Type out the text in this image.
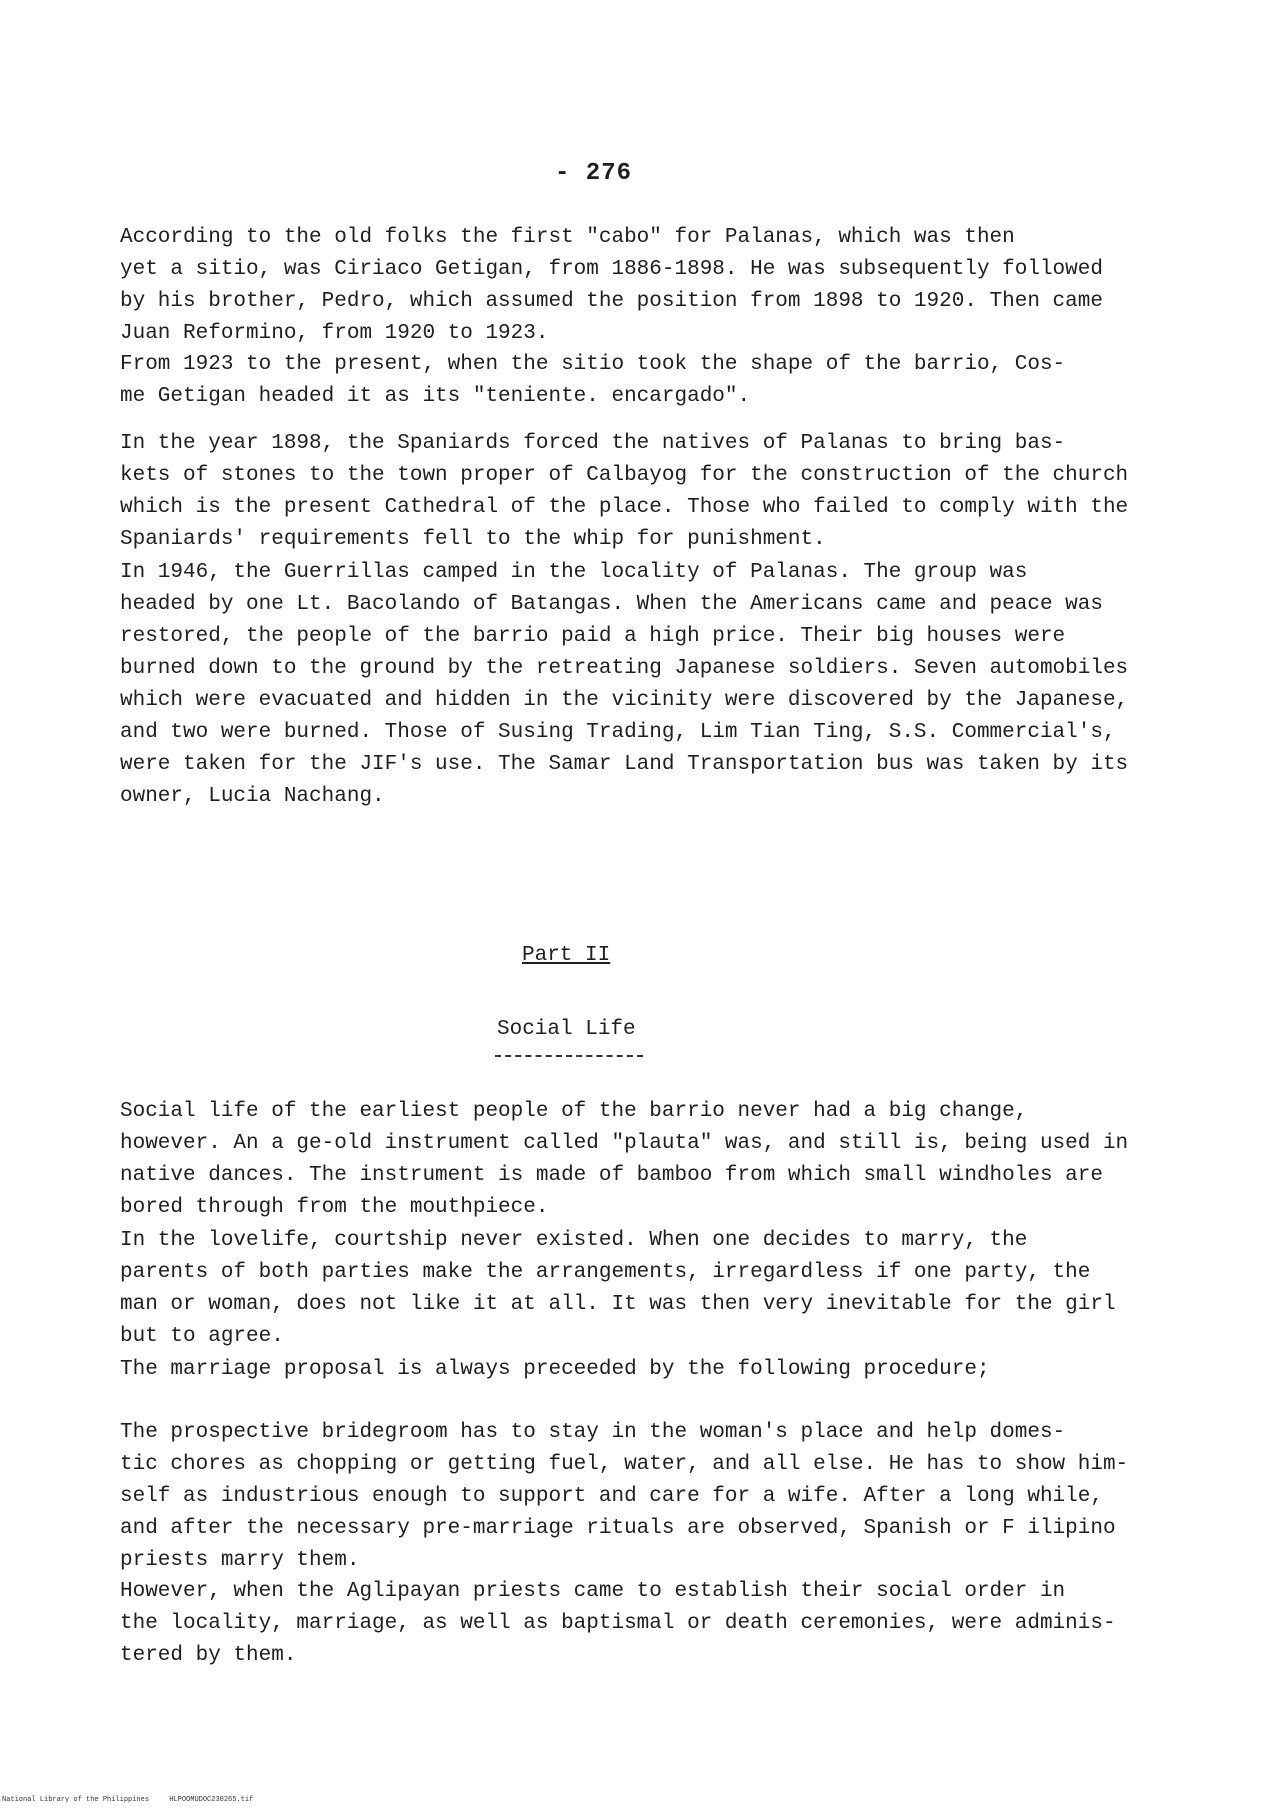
- 276
According to the old folks the first "cabo" for Palanas, which was then
yet a sitio, was Ciriaco Getigan, from 1886-1898. He was subsequently followed
by his brother, Pedro, which assumed the position from 1898 to 1920. Then came
Juan Reformino, from 1920 to 1923.
From 1923 to the present, when the sitio took the shape of the barrio, Cos-
me Getigan headed it as its "teniente. encargado".
In the year 1898, the Spaniards forced the natives of Palanas to bring bas-
kets of stones to the town proper of Calbayog for the construction of the church
which is the present Cathedral of the place. Those who failed to comply with the
Spaniards' requirements fell to the whip for punishment.
In 1946, the Guerrillas camped in the locality of Palanas. The group was
headed by one Lt. Bacolando of Batangas. When the Americans came and peace was
restored, the people of the barrio paid a high price. Their big houses were
burned down to the ground by the retreating Japanese soldiers. Seven automobiles
which were evacuated and hidden in the vicinity were discovered by the Japanese,
and two were burned. Those of Susing Trading, Lim Tian Ting, S.S. Commercial's,
were taken for the JIF's use. The Samar Land Transportation bus was taken by its
owner, Lucia Nachang.
Part II
Social Life
Social life of the earliest people of the barrio never had a big change,
however. An a ge-old instrument called "plauta" was, and still is, being used in
native dances. The instrument is made of bamboo from which small windholes are
bored through from the mouthpiece.
In the lovelife, courtship never existed. When one decides to marry, the
parents of both parties make the arrangements, irregardless if one party, the
man or woman, does not like it at all. It was then very inevitable for the girl
but to agree.
The marriage proposal is always preceeded by the following procedure;
The prospective bridegroom has to stay in the woman's place and help domes-
tic chores as chopping or getting fuel, water, and all else. He has to show him-
self as industrious enough to support and care for a wife. After a long while,
and after the necessary pre-marriage rituals are observed, Spanish or F ilipino
priests marry them.
However, when the Aglipayan priests came to establish their social order in
the locality, marriage, as well as baptismal or death ceremonies, were adminis-
tered by them.
National Library of the Philippines	HLPOOMUDOC230265.tif
